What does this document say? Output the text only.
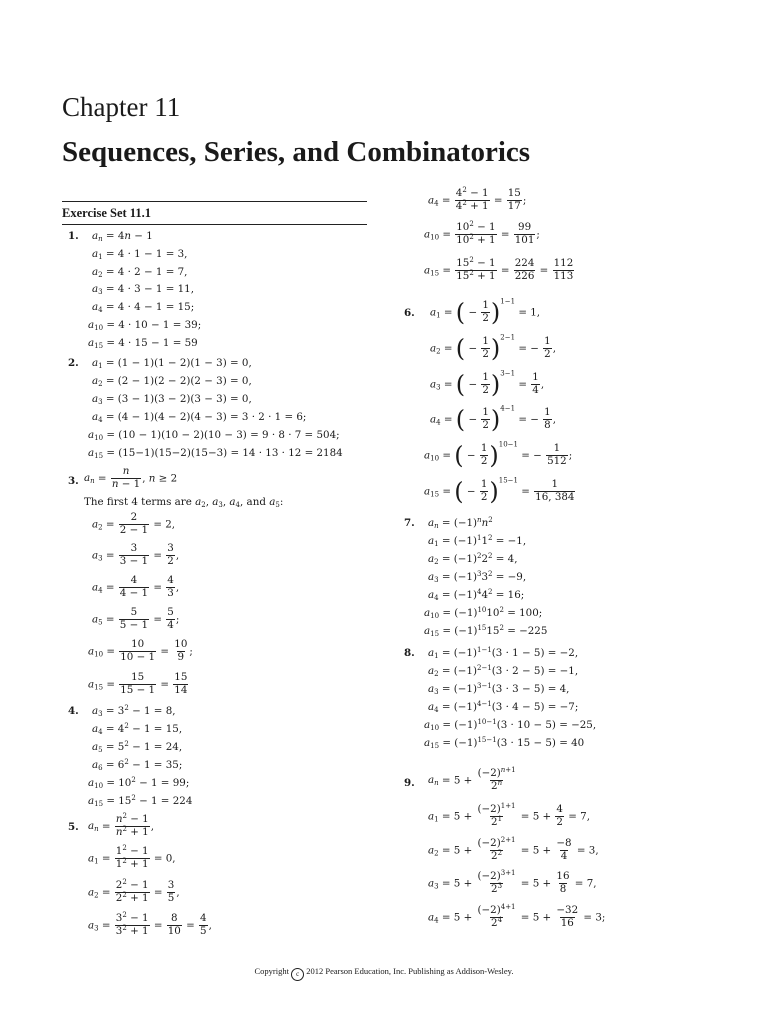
Chapter 11
Sequences, Series, and Combinatorics
Exercise Set 11.1
1. $a_n = 4n - 1$
$a_1 = 4 \cdot 1 - 1 = 3$,
$a_2 = 4 \cdot 2 - 1 = 7$,
$a_3 = 4 \cdot 3 - 1 = 11$,
$a_4 = 4 \cdot 4 - 1 = 15$;
$a_{10} = 4 \cdot 10 - 1 = 39$;
$a_{15} = 4 \cdot 15 - 1 = 59$
2. $a_1 = (1 - 1)(1 - 2)(1 - 3) = 0$,
$a_2 = (2 - 1)(2 - 2)(2 - 3) = 0$,
$a_3 = (3 - 1)(3 - 2)(3 - 3) = 0$,
$a_4 = (4 - 1)(4 - 2)(4 - 3) = 3 \cdot 2 \cdot 1 = 6$;
$a_{10} = (10 - 1)(10 - 2)(10 - 3) = 9 \cdot 8 \cdot 7 = 504$;
$a_{15} = (15-1)(15-2)(15-3) = 14 \cdot 13 \cdot 12 = 2184$
3. $a_n = \frac{n}{n - 1}$ , n ≥ 2
The first 4 terms are $a_2$, $a_3$, $a_4$, and $a_5$:
$a_2 = \frac{2}{2 - 1} = 2$,
$a_3 = \frac{3}{3 - 1} = \frac{3}{2}$ ,
$a_4 = \frac{4}{4 - 1} = \frac{4}{3}$ ,
$a_5 = \frac{5}{5 - 1} = \frac{5}{4}$ ;
$a_{10} = \frac{10}{10 - 1} = \frac{10}{9}$ ;
$a_{15} = \frac{15}{15 - 1} = \frac{15}{14}$
4. $a_3 = 3^2 - 1 = 8$,
$a_4 = 4^2 - 1 = 15$,
$a_5 = 5^2 - 1 = 24$,
$a_6 = 6^2 - 1 = 35$;
$a_{10} = 10^2 - 1 = 99$;
$a_{15} = 15^2 - 1 = 224$
5. $a_n = \frac{n^2 - 1}{n^2 + 1}$ ,
$a_1 = \frac{1^2 - 1}{1^2 + 1} = 0$,
$a_2 = \frac{2^2 - 1}{2^2 + 1} = \frac{3}{5}$ ,
$a_3 = \frac{3^2 - 1}{3^2 + 1} = \frac{8}{10} = \frac{4}{5}$ ,
$a_4 = \frac{4^2 - 1}{4^2 + 1} = \frac{15}{17}$ ;
$a_{10} = \frac{10^2 - 1}{10^2 + 1} = \frac{99}{101}$ ;
$a_{15} = \frac{15^2 - 1}{15^2 + 1} = \frac{224}{226} = \frac{112}{113}$
6. $a_1$ = ( − $\frac{1}{2} )^{1-1} = 1$,
$a_2$ = ( − $\frac{1}{2} )^{2-1}$ = − $\frac{1}{2}$ ,
$a_3$ = ( − $\frac{1}{2} )^{3-1} = \frac{1}{4}$ ,
$a_4$ = ( − $\frac{1}{2} )^{4-1}$ = − $\frac{1}{8}$ ,
$a_{10}$ = ( − $\frac{1}{2} )^{10-1}$ = − $\frac{1}{512}$ ;
$a_{15}$ = ( − $\frac{1}{2} )^{15-1} = \frac{1}{16, 384}$
7. $a_n = (-1)^nn^2$
$a_1 = (-1)^11^2 = -1$,
$a_2 = (-1)^22^2 = 4$,
$a_3 = (-1)^33^2 = -9$,
$a_4 = (-1)^44^2 = 16$;
$a_{10} = (-1)^{10}10^2 = 100$;
$a_{15} = (-1)^{15}15^2 = -225$
8. $a_1 = (-1)^{1-1}(3 \cdot 1 - 5) = -2$,
$a_2 = (-1)^{2-1}(3 \cdot 2 - 5) = -1$,
$a_3 = (-1)^{3-1}(3 \cdot 3 - 5) = 4$,
$a_4 = (-1)^{4-1}(3 \cdot 4 - 5) = -7$;
$a_{10} = (-1)^{10-1}(3 \cdot 10 - 5) = -25$,
$a_{15} = (-1)^{15-1}(3 \cdot 15 - 5) = 40$
9. $a_n = 5 + \frac{(-2)^{n+1}}{2^n}$
$a_1 = 5 + \frac{(-2)^{1+1}}{2^1} = 5 + \frac{4}{2} = 7$,
$a_2 = 5 + \frac{(-2)^{2+1}}{2^2} = 5 + \frac{-8}{4} = 3$,
$a_3 = 5 + \frac{(-2)^{3+1}}{2^3} = 5 + \frac{16}{8} = 7$,
$a_4 = 5 + \frac{(-2)^{4+1}}{2^4} = 5 + \frac{-32}{16} = 3$;
Copyright c 2012 Pearson Education, Inc. Publishing as Addison-Wesley.
